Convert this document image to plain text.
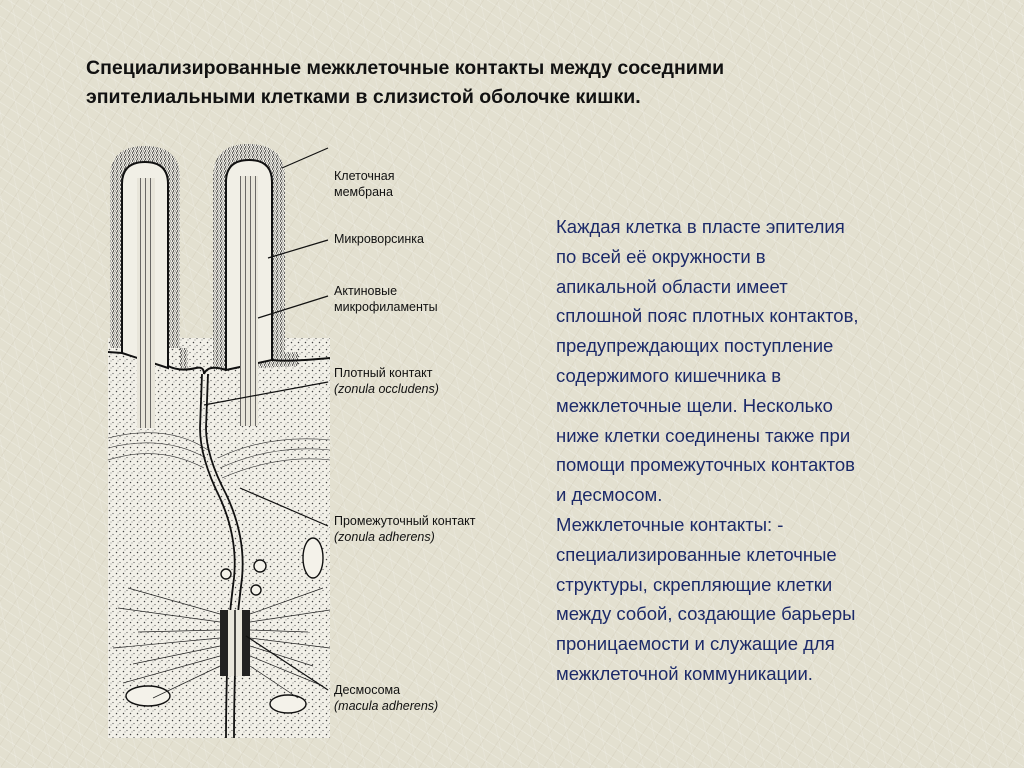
Специализированные межклеточные контакты между соседними
эпителиальными клетками в слизистой оболочке кишки.
Клеточная
мембрана
Микроворсинка
Актиновые
микрофиламенты
Плотный контакт
(zonula occludens)
Промежуточный контакт
(zonula adherens)
Десмосома
(macula adherens)
Каждая клетка в пласте эпителия
по всей её окружности в
апикальной области имеет
сплошной пояс плотных контактов,
предупреждающих поступление
содержимого кишечника в
межклеточные щели. Несколько
ниже клетки соединены также при
помощи промежуточных контактов
и десмосом.
Межклеточные контакты: -
специализированные клеточные
структуры, скрепляющие клетки
между собой, создающие барьеры
проницаемости и служащие для
межклеточной коммуникации.
